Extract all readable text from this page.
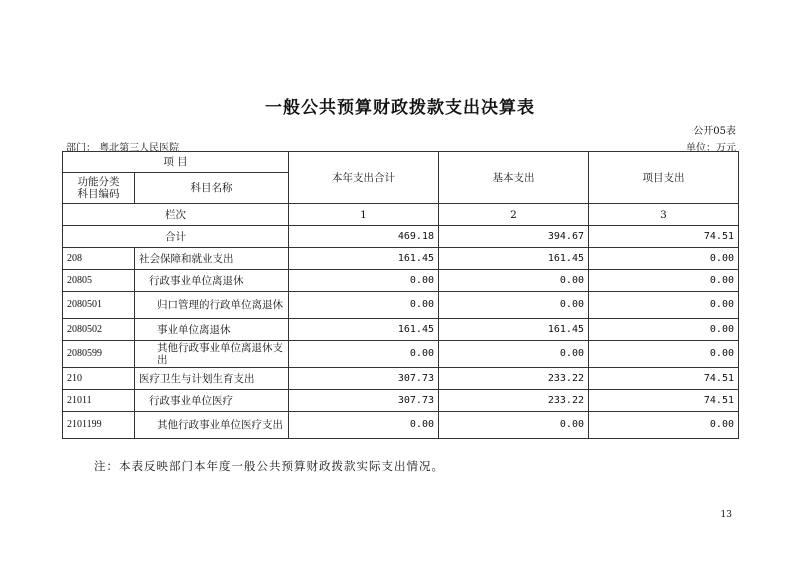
一般公共预算财政拨款支出决算表
公开05表
部门： 粤北第三人民医院	单位：万元
项 目		本年支出合计	基本支出	项目支出
功能分类
科目编码	科目名称			
栏次		1	2	3
合计		469.18	394.67	74.51
208	社会保障和就业支出	161.45	161.45	0.00
20805	行政事业单位离退休	0.00	0.00	0.00
2080501	归口管理的行政单位离退休	0.00	0.00	0.00
2080502	事业单位离退休	161.45	161.45	0.00
2080599	其他行政事业单位离退休支出	0.00	0.00	0.00
210	医疗卫生与计划生育支出	307.73	233.22	74.51
21011	行政事业单位医疗	307.73	233.22	74.51
2101199	其他行政事业单位医疗支出	0.00	0.00	0.00
注：本表反映部门本年度一般公共预算财政拨款实际支出情况。
13
